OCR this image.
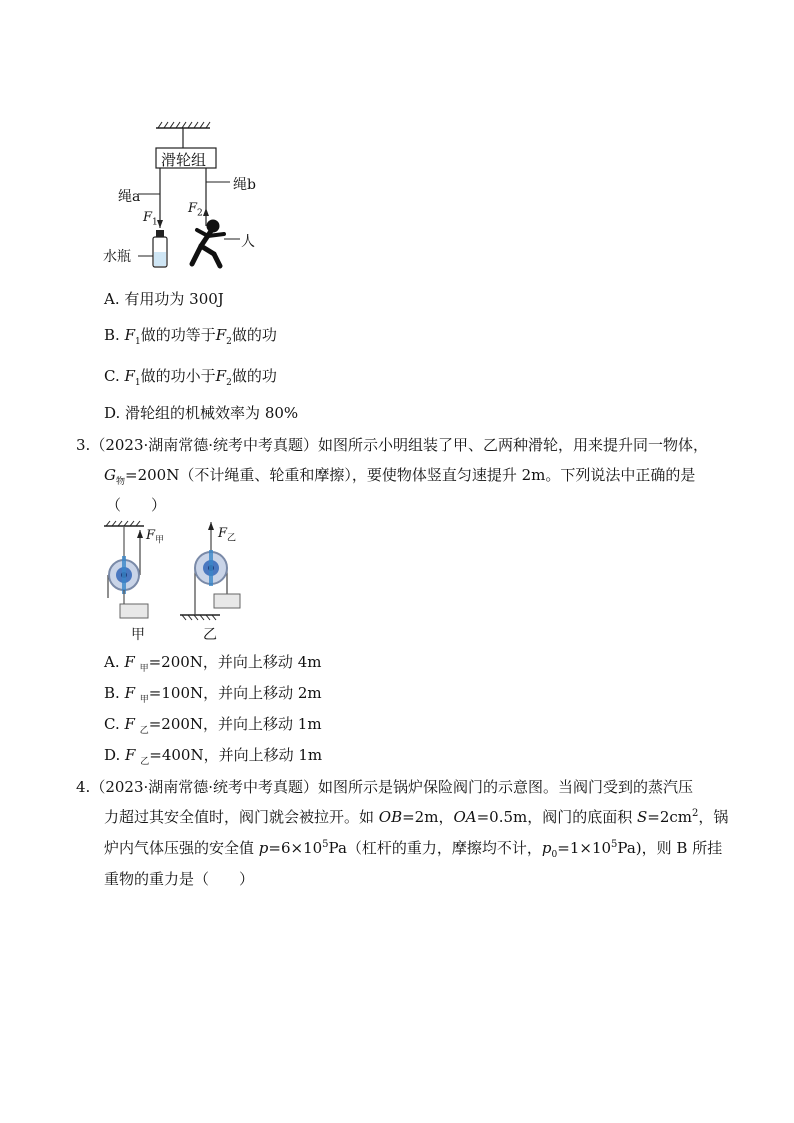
滑轮组
绳a
绳b
$F_1$
$F_2$
水瓶
人
A. 有用功为 300J
B. $F_1$做的功等于$F_2$做的功
C. $F_1$做的功小于$F_2$做的功
D. 滑轮组的机械效率为 80%
3.（2023·湖南常德·统考中考真题）如图所示小明组装了甲、乙两种滑轮，用来提升同一物体，
$G_物=200N$（不计绳重、轮重和摩擦），要使物体竖直匀速提升 2m。下列说法中正确的是
（　　）
$F_甲$	$F_乙$
甲	乙
A. F $_甲$=200N，并向上移动 4m
B. F $_甲$=100N，并向上移动 2m
C. F $_乙$=200N，并向上移动 1m
D. F $_乙$=400N，并向上移动 1m
4.（2023·湖南常德·统考中考真题）如图所示是锅炉保险阀门的示意图。当阀门受到的蒸汽压
力超过其安全值时，阀门就会被拉开。如 OB=2m，OA=0.5m，阀门的底面积 $S=2cm^2$，锅
炉内气体压强的安全值 $p=6\times 10^5Pa$（杠杆的重力，摩擦均不计，$p_0=1\times 10^5Pa$)，则 B 所挂
重物的重力是（　　）
